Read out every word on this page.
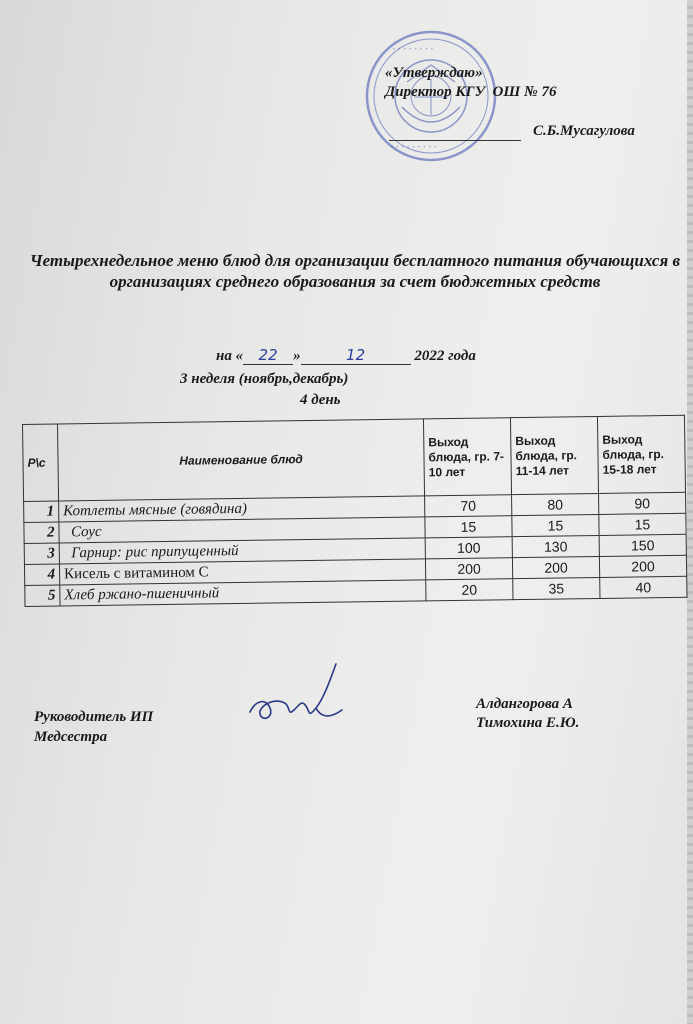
• • • • • • • •
• • • • • • • • •
«Утверждаю»
Директор КГУ  ОШ № 76
С.Б.Мусагулова
Четырехнедельное меню блюд для организации бесплатного питания обучающихся в организациях среднего образования за счет бюджетных средств
на « 22 »	12	2022 года
3 неделя (ноябрь,декабрь)
4 день
Р\с	Наименование блюд	Выход блюда, гр. 7-10 лет	Выход блюда, гр. 11-14 лет	Выход блюда, гр. 15-18 лет
1	Котлеты мясные (говядина)	70	80	90
2	Соус	15	15	15
3	Гарнир: рис припущенный	100	130	150
4	Кисель с витамином С	200	200	200
5	Хлеб ржано-пшеничный	20	35	40
Руководитель ИП
Медсестра
Алдангорова А
Тимохина Е.Ю.
